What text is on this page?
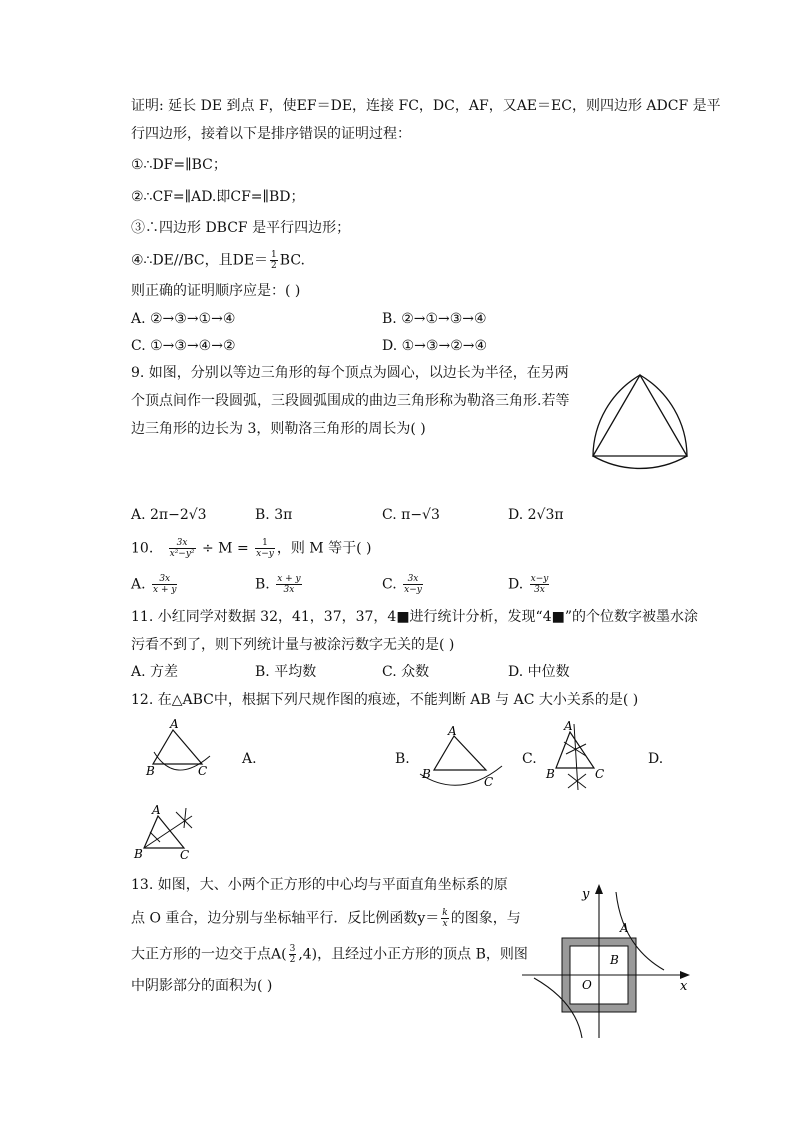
证明: 延长 DE 到点 F，使EF＝DE，连接 FC，DC，AF，又AE＝EC，则四边形 ADCF 是平
行四边形，接着以下是排序错误的证明过程：
①∴DF=∥BC；
②∴CF=∥AD.即CF=∥BD；
③∴四边形 DBCF 是平行四边形；
④∴DE//BC，且$DE= \frac{1}{2}$ BC.
则正确的证明顺序应是：( )
A. ②→③→①→④	B. ②→①→③→④
C. ①→③→④→②	D. ①→③→②→④
9. 如图，分别以等边三角形的每个顶点为圆心，以边长为半径，在另两
个顶点间作一段圆弧，三段圆弧围成的曲边三角形称为勒洛三角形.若等
边三角形的边长为 3，则勒洛三角形的周长为( )
A. 2π−2√3	B. 3π	C. π−√3	D. 2√3π
10. $\frac{3x}{\text{x²−y²}} \div M = \frac{1}{x-y}$ ，则 M 等于( )
A. $\frac{3x}{x + y}$	B. $\frac{x + y}{3x}$	C. $\frac{3x}{x-y}$	D. $\frac{x-y}{3x}$
11. 小红同学对数据 32，41，37，37，4■进行统计分析，发现“4■”的个位数字被墨水涂
污看不到了，则下列统计量与被涂污数字无关的是( )
A. 方差	B. 平均数	C. 众数	D. 中位数
12. 在△ABC中，根据下列尺规作图的痕迹，不能判断 AB 与 AC 大小关系的是( )
A
B	C
A.	B.
A
B
C
C.
A
B	C
D.
A
B	C
13. 如图，大、小两个正方形的中心均与平面直角坐标系的原
点 O 重合，边分别与坐标轴平行．反比例函数$y= \frac{k}{x}$ 的图象，与
大正方形的一边交于点$A( \frac{3}{2} ,4)$，且经过小正方形的顶点 B，则图
中阴影部分的面积为( )
y
x
O
A
B
